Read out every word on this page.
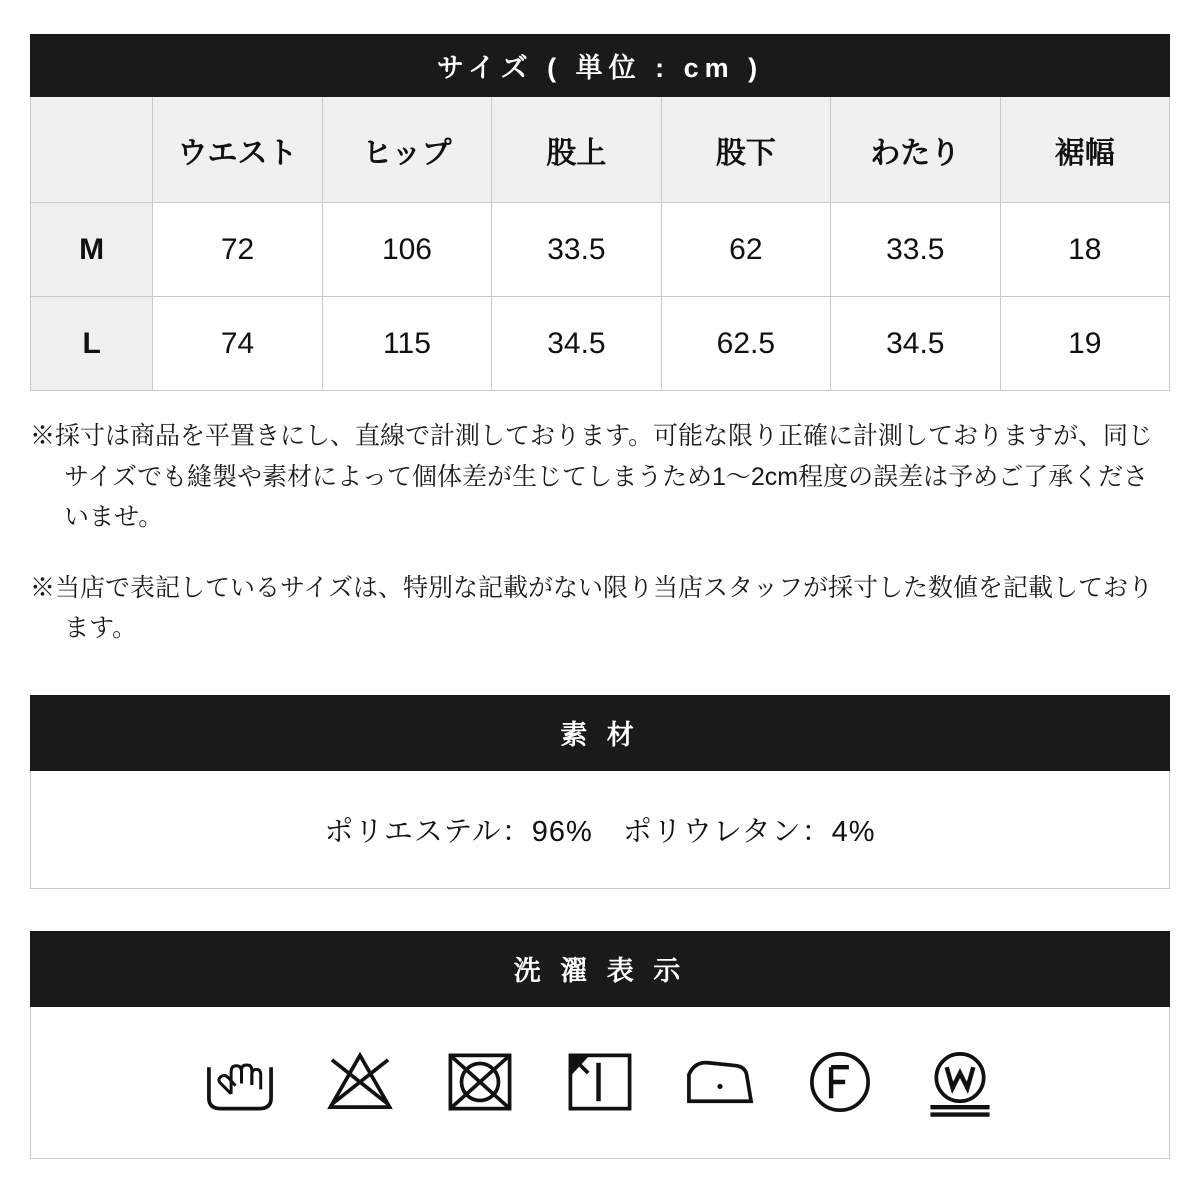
サイズ ( 単位 : cm )						
	ウエスト	ヒップ	股上	股下	わたり	裾幅
M	72	106	33.5	62	33.5	18
L	74	115	34.5	62.5	34.5	19

※採寸は商品を平置きにし、直線で計測しております。可能な限り正確に計測しておりますが、同じサイズでも縫製や素材によって個体差が生じてしまうため1〜2cm程度の誤差は予めご了承くださいませ。

※当店で表記しているサイズは、特別な記載がない限り当店スタッフが採寸した数値を記載しております。

素 材
ポリエステル：96%　ポリウレタン：4%
洗 濯 表 示
